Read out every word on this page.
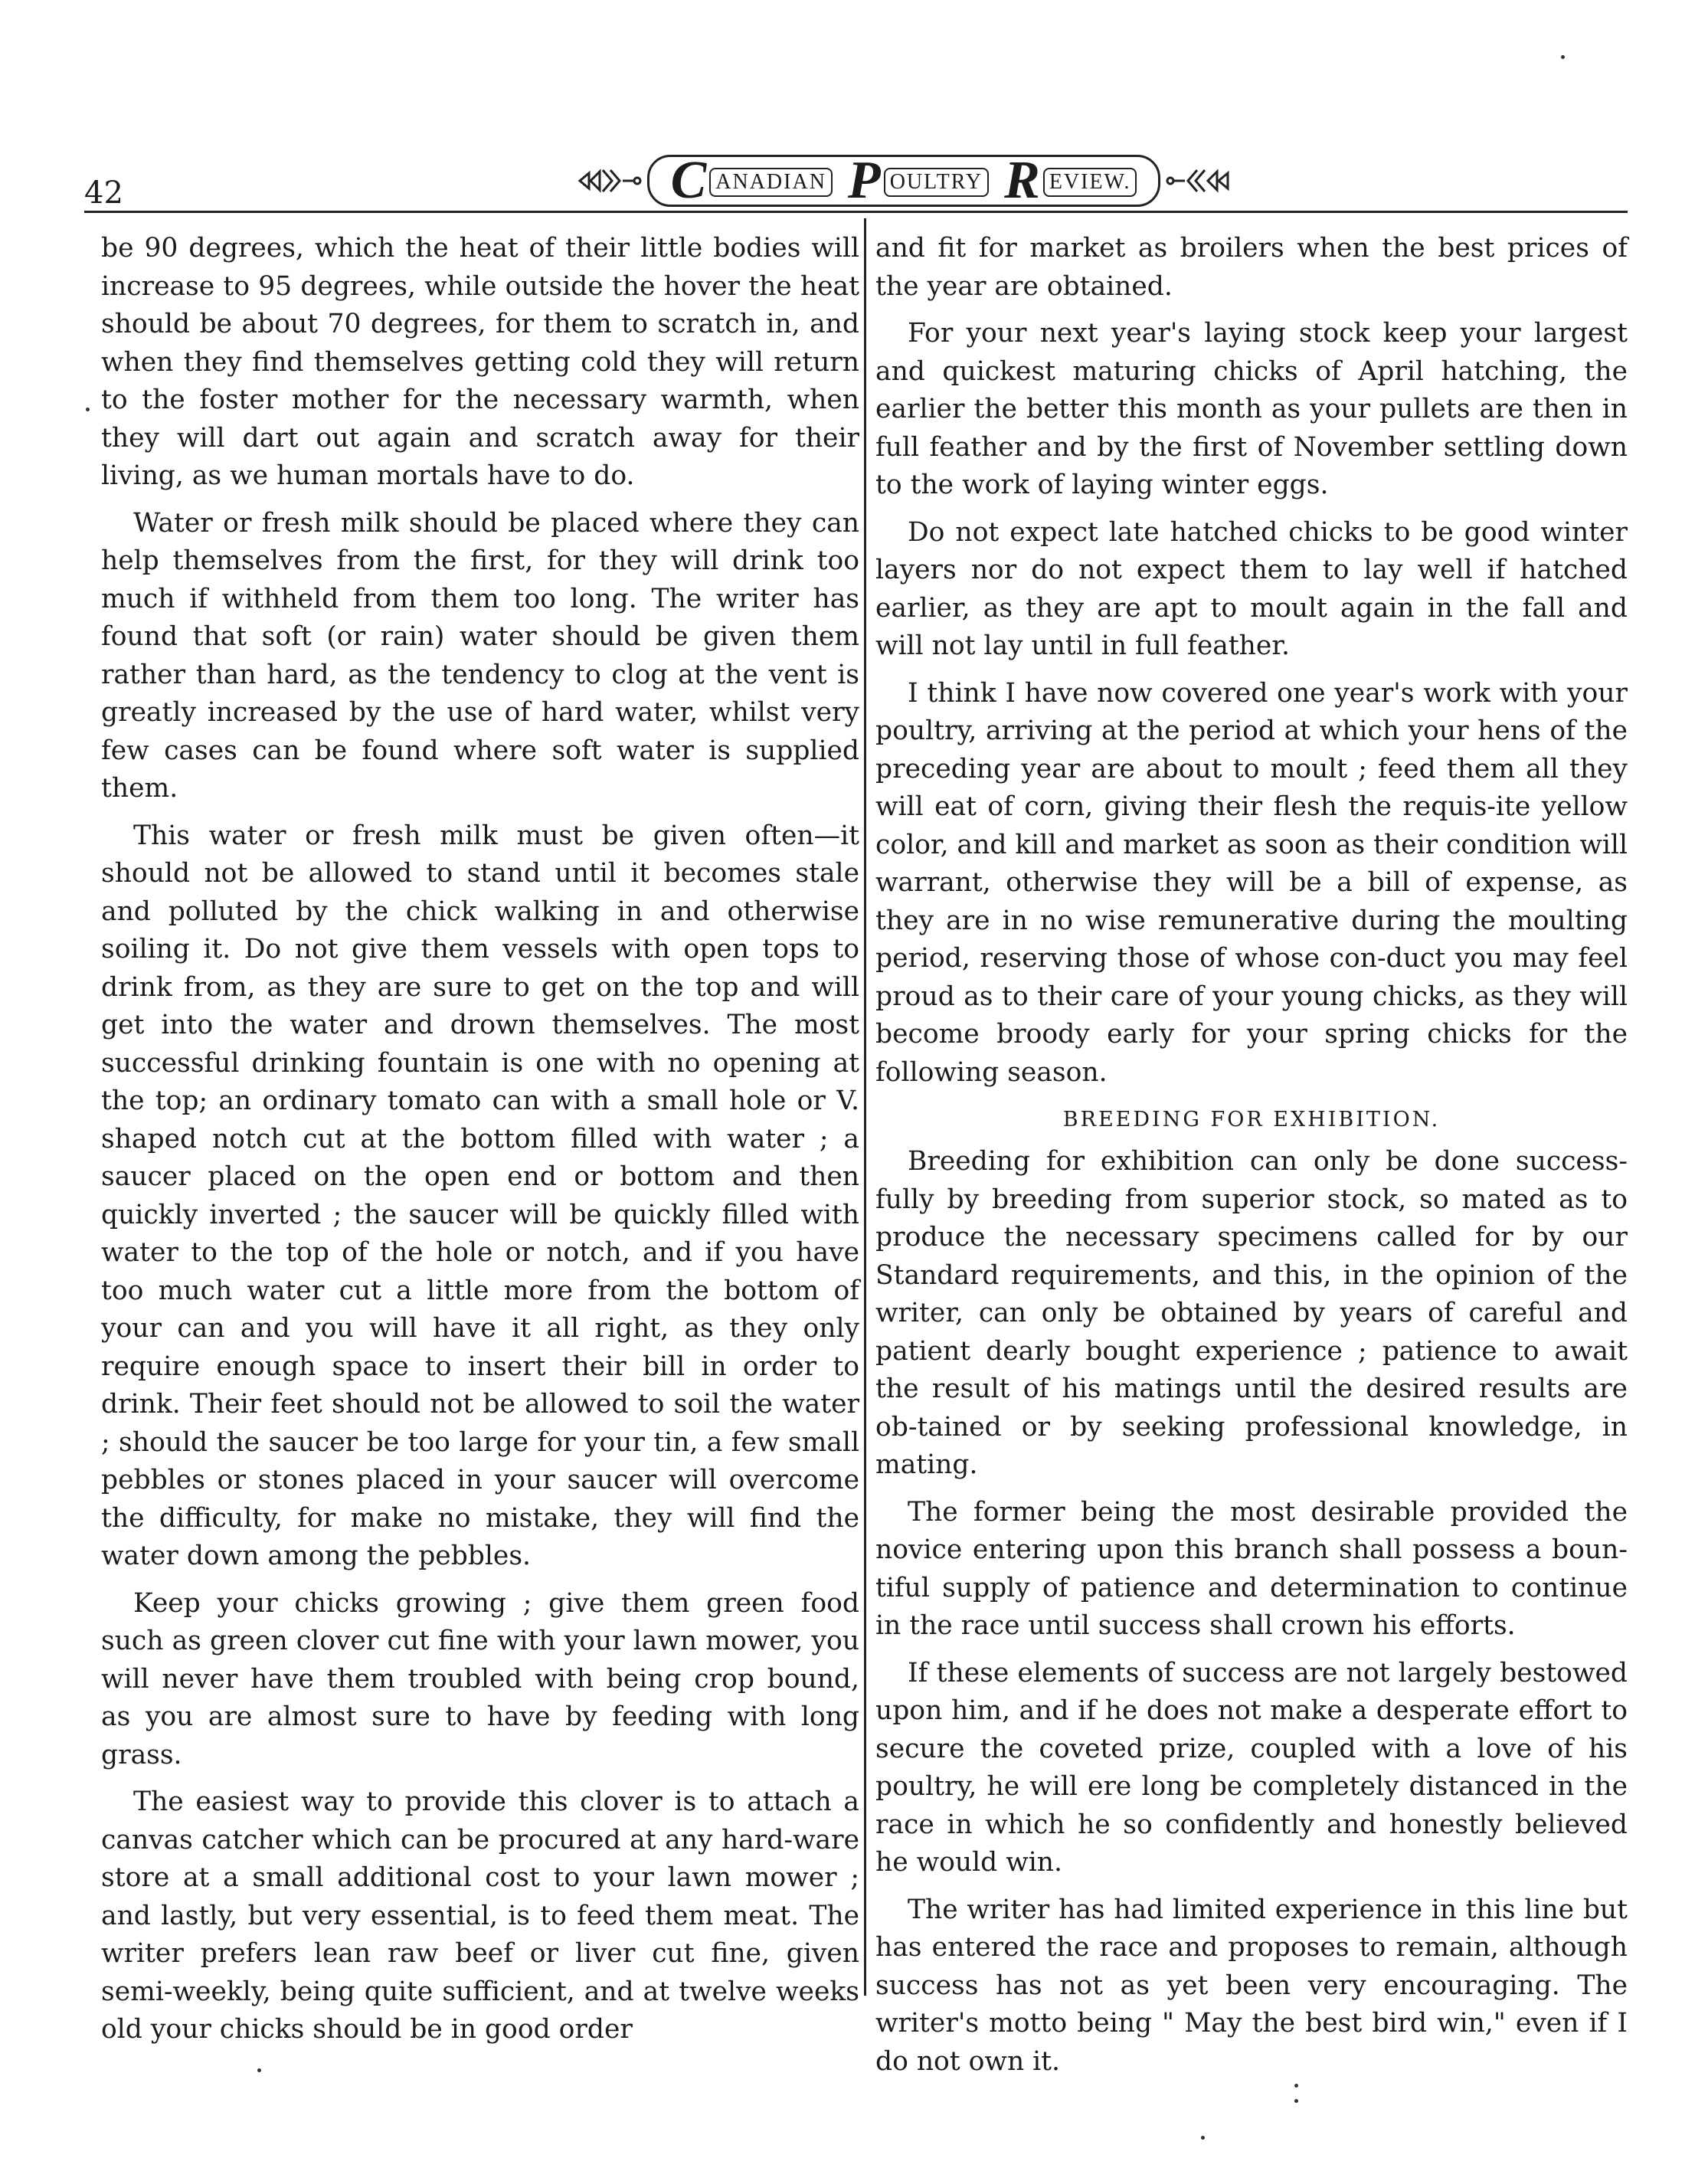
42	C ANADIAN P OULTRY R EVIEW.

be 90 degrees, which the heat of their little bodies will increase to 95 degrees, while outside the hover the heat should be about 70 degrees, for them to scratch in, and when they find themselves getting cold they will return to the foster mother for the necessary warmth, when they will dart out again and scratch away for their living, as we human mortals have to do.

Water or fresh milk should be placed where they can help themselves from the first, for they will drink too much if withheld from them too long. The writer has found that soft (or rain) water should be given them rather than hard, as the tendency to clog at the vent is greatly increased by the use of hard water, whilst very few cases can be found where soft water is supplied them.

This water or fresh milk must be given often—it should not be allowed to stand until it becomes stale and polluted by the chick walking in and otherwise soiling it. Do not give them vessels with open tops to drink from, as they are sure to get on the top and will get into the water and drown themselves. The most successful drinking fountain is one with no opening at the top; an ordinary tomato can with a small hole or V. shaped notch cut at the bottom filled with water ; a saucer placed on the open end or bottom and then quickly inverted ; the saucer will be quickly filled with water to the top of the hole or notch, and if you have too much water cut a little more from the bottom of your can and you will have it all right, as they only require enough space to insert their bill in order to drink. Their feet should not be allowed to soil the water ; should the saucer be too large for your tin, a few small pebbles or stones placed in your saucer will overcome the difficulty, for make no mistake, they will find the water down among the pebbles.

Keep your chicks growing ; give them green food such as green clover cut fine with your lawn mower, you will never have them troubled with being crop bound, as you are almost sure to have by feeding with long grass.

The easiest way to provide this clover is to attach a canvas catcher which can be procured at any hard-ware store at a small additional cost to your lawn mower ; and lastly, but very essential, is to feed them meat. The writer prefers lean raw beef or liver cut fine, given semi-weekly, being quite sufficient, and at twelve weeks old your chicks should be in good order

and fit for market as broilers when the best prices of the year are obtained.

For your next year's laying stock keep your largest and quickest maturing chicks of April hatching, the earlier the better this month as your pullets are then in full feather and by the first of November settling down to the work of laying winter eggs.

Do not expect late hatched chicks to be good winter layers nor do not expect them to lay well if hatched earlier, as they are apt to moult again in the fall and will not lay until in full feather.

I think I have now covered one year's work with your poultry, arriving at the period at which your hens of the preceding year are about to moult ; feed them all they will eat of corn, giving their flesh the requis-ite yellow color, and kill and market as soon as their condition will warrant, otherwise they will be a bill of expense, as they are in no wise remunerative during the moulting period, reserving those of whose con-duct you may feel proud as to their care of your young chicks, as they will become broody early for your spring chicks for the following season.

BREEDING FOR EXHIBITION.

Breeding for exhibition can only be done success-fully by breeding from superior stock, so mated as to produce the necessary specimens called for by our Standard requirements, and this, in the opinion of the writer, can only be obtained by years of careful and patient dearly bought experience ; patience to await the result of his matings until the desired results are ob-tained or by seeking professional knowledge, in mating.

The former being the most desirable provided the novice entering upon this branch shall possess a boun-tiful supply of patience and determination to continue in the race until success shall crown his efforts.

If these elements of success are not largely bestowed upon him, and if he does not make a desperate effort to secure the coveted prize, coupled with a love of his poultry, he will ere long be completely distanced in the race in which he so confidently and honestly believed he would win.

The writer has had limited experience in this line but has entered the race and proposes to remain, although success has not as yet been very encouraging. The writer's motto being " May the best bird win," even if I do not own it.
